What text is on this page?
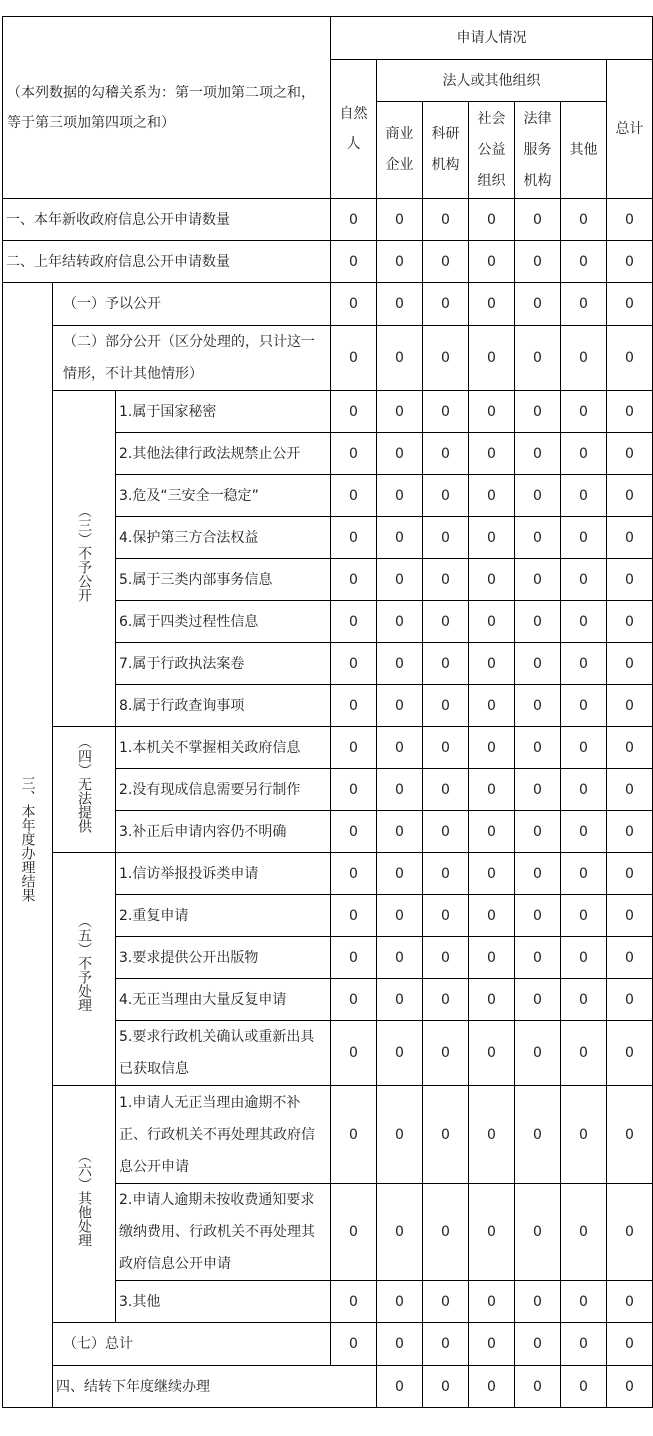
（本列数据的勾稽关系为：第一项加第二项之和，等于第三项加第四项之和）			申请人情况							

			自然人	法人或其他组织					总计	

				商业企业	科研机构	社会公益组织	法律服务机构	其他		
一、本年新收政府信息公开申请数量			0	0	0	0	0	0	0	
二、上年结转政府信息公开申请数量			0	0	0	0	0	0	0	
三、本年度办理结果	（一）予以公开		0	0	0	0	0	0	0	
	（二）部分公开（区分处理的，只计这一情形，不计其他情形）		0	0	0	0	0	0	0	
	（三）不予公开	1.属于国家秘密	0	0	0	0	0	0	0	
		2.其他法律行政法规禁止公开	0	0	0	0	0	0	0	
		3.危及“三安全一稳定”	0	0	0	0	0	0	0	
		4.保护第三方合法权益	0	0	0	0	0	0	0	
		5.属于三类内部事务信息	0	0	0	0	0	0	0	
		6.属于四类过程性信息	0	0	0	0	0	0	0	
		7.属于行政执法案卷	0	0	0	0	0	0	0	
		8.属于行政查询事项	0	0	0	0	0	0	0	
	（四）无法提供	1.本机关不掌握相关政府信息	0	0	0	0	0	0	0	
		2.没有现成信息需要另行制作	0	0	0	0	0	0	0	
		3.补正后申请内容仍不明确	0	0	0	0	0	0	0	
	（五）不予处理	1.信访举报投诉类申请	0	0	0	0	0	0	0	
		2.重复申请	0	0	0	0	0	0	0	
		3.要求提供公开出版物	0	0	0	0	0	0	0	
		4.无正当理由大量反复申请	0	0	0	0	0	0	0	
		5.要求行政机关确认或重新出具已获取信息	0	0	0	0	0	0	0	
	（六）其他处理	1.申请人无正当理由逾期不补正、行政机关不再处理其政府信息公开申请	0	0	0	0	0	0	0	
		2.申请人逾期未按收费通知要求缴纳费用、行政机关不再处理其政府信息公开申请	0	0	0	0	0	0	0	
		3.其他	0	0	0	0	0	0	0	
	（七）总计		0	0	0	0	0	0	0	
	四、结转下年度继续办理			0	0	0	0	0	0	
